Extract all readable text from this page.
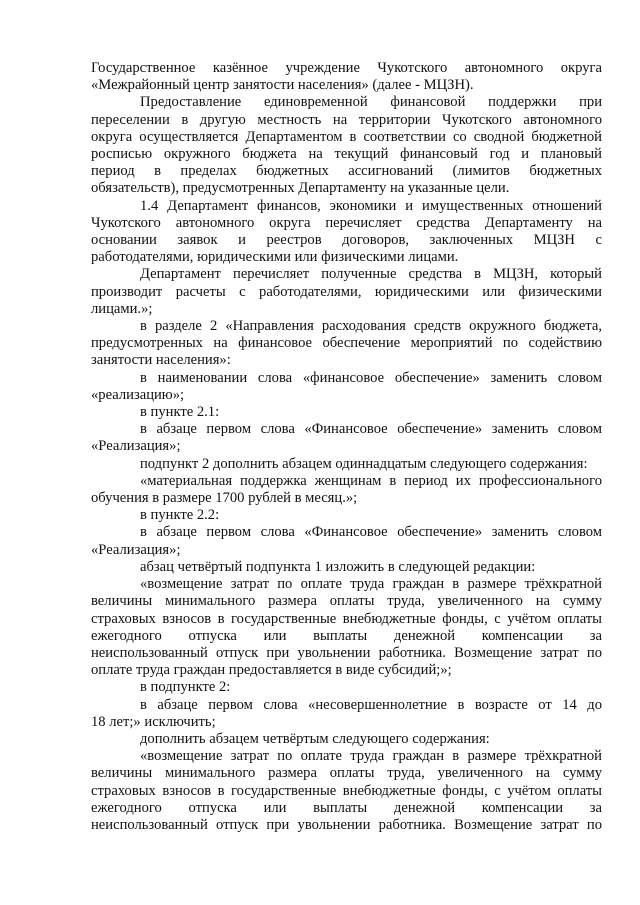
Государственное казённое учреждение Чукотского автономного округа
«Межрайонный центр занятости населения» (далее - МЦЗН).
Предоставление единовременной финансовой поддержки при
переселении в другую местность на территории Чукотского автономного
округа осуществляется Департаментом в соответствии со сводной бюджетной
росписью окружного бюджета на текущий финансовый год и плановый
период в пределах бюджетных ассигнований (лимитов бюджетных
обязательств), предусмотренных Департаменту на указанные цели.
1.4 Департамент финансов, экономики и имущественных отношений
Чукотского автономного округа перечисляет средства Департаменту на
основании заявок и реестров договоров, заключенных МЦЗН с
работодателями, юридическими или физическими лицами.
Департамент перечисляет полученные средства в МЦЗН, который
производит расчеты с работодателями, юридическими или физическими
лицами.»;
в разделе 2 «Направления расходования средств окружного бюджета,
предусмотренных на финансовое обеспечение мероприятий по содействию
занятости населения»:
в наименовании слова «финансовое обеспечение» заменить словом
«реализацию»;
в пункте 2.1:
в абзаце первом слова «Финансовое обеспечение» заменить словом
«Реализация»;
подпункт 2 дополнить абзацем одиннадцатым следующего содержания:
«материальная поддержка женщинам в период их профессионального
обучения в размере 1700 рублей в месяц.»;
в пункте 2.2:
в абзаце первом слова «Финансовое обеспечение» заменить словом
«Реализация»;
абзац четвёртый подпункта 1 изложить в следующей редакции:
«возмещение затрат по оплате труда граждан в размере трёхкратной
величины минимального размера оплаты труда, увеличенного на сумму
страховых взносов в государственные внебюджетные фонды, с учётом оплаты
ежегодного отпуска или выплаты денежной компенсации за
неиспользованный отпуск при увольнении работника. Возмещение затрат по
оплате труда граждан предоставляется в виде субсидий;»;
в подпункте 2:
в абзаце первом слова «несовершеннолетние в возрасте от 14 до
18 лет;» исключить;
дополнить абзацем четвёртым следующего содержания:
«возмещение затрат по оплате труда граждан в размере трёхкратной
величины минимального размера оплаты труда, увеличенного на сумму
страховых взносов в государственные внебюджетные фонды, с учётом оплаты
ежегодного отпуска или выплаты денежной компенсации за
неиспользованный отпуск при увольнении работника. Возмещение затрат по
